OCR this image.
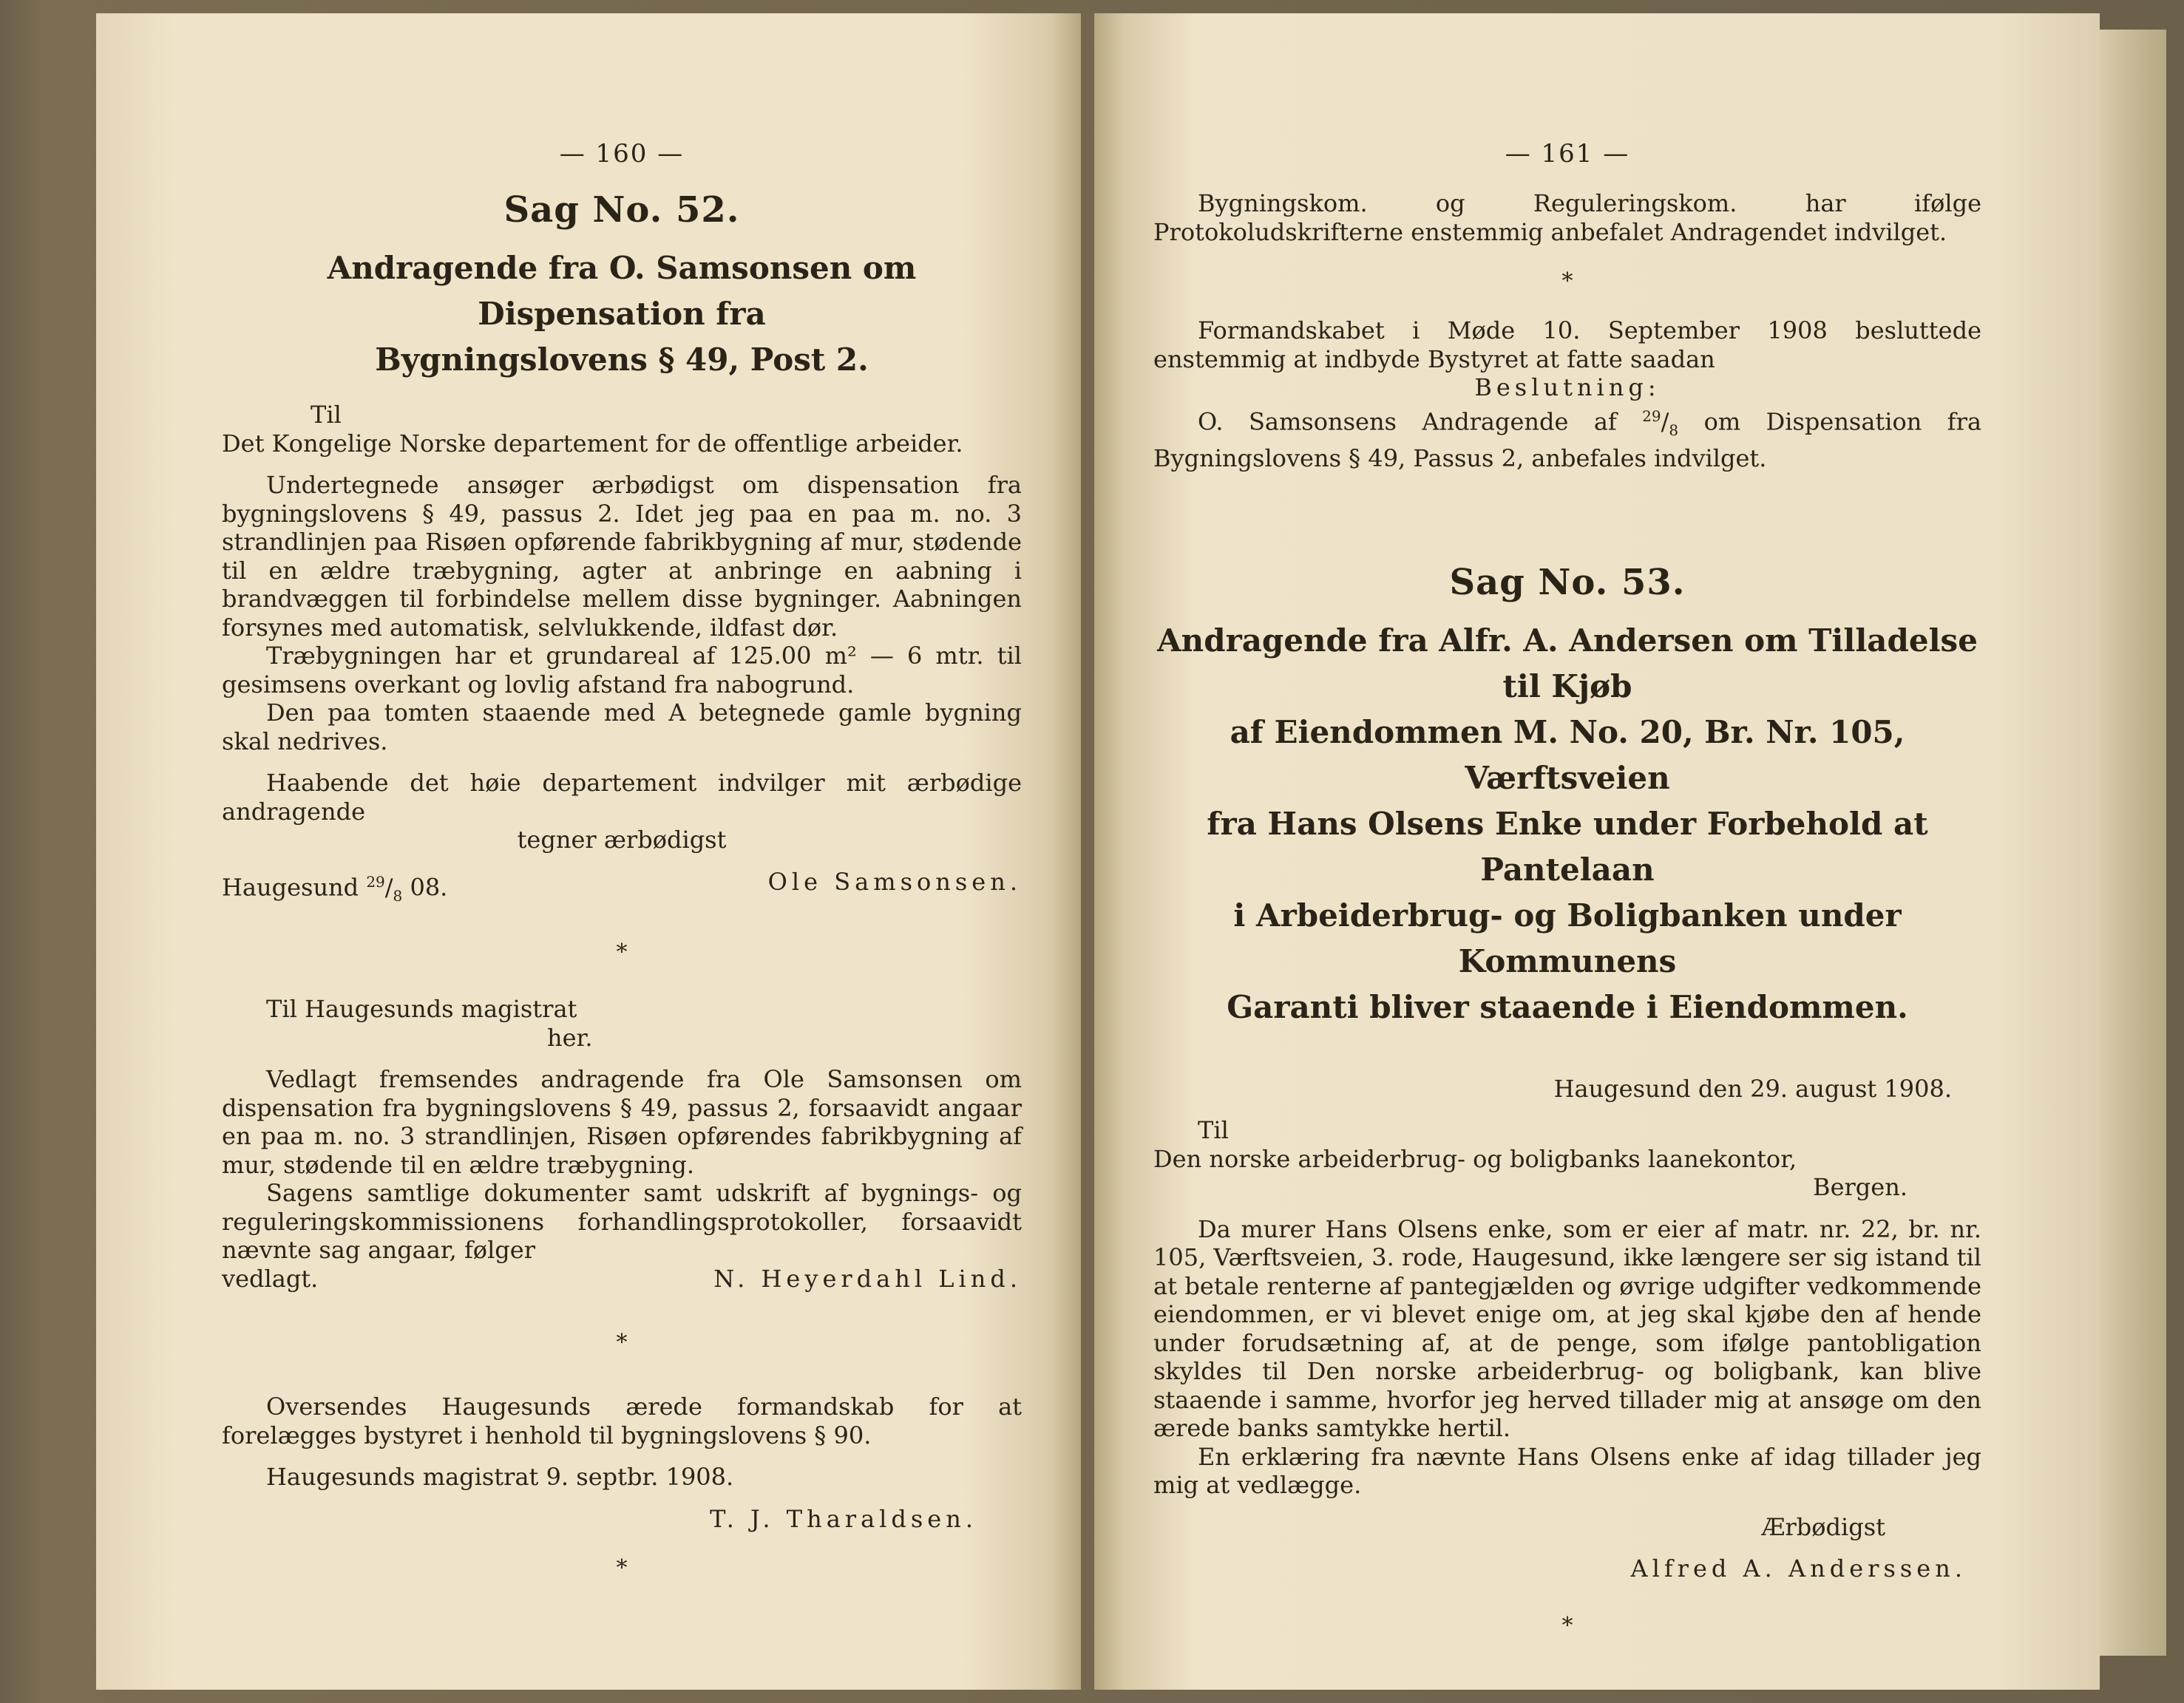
— 160 —
Sag No. 52.
Andragende fra O. Samsonsen om Dispensation fra
Bygningslovens § 49, Post 2.
Til
Det Kongelige Norske departement for de offentlige arbeider.
Undertegnede ansøger ærbødigst om dispensation fra bygningslovens § 49, passus 2. Idet jeg paa en paa m. no. 3 strandlinjen paa Risøen opførende fabrikbygning af mur, stødende til en ældre træbygning, agter at anbringe en aabning i brandvæggen til forbindelse mellem disse bygninger. Aabningen forsynes med automatisk, selvlukkende, ildfast dør.
Træbygningen har et grundareal af 125.00 m² — 6 mtr. til gesimsens overkant og lovlig afstand fra nabogrund.
Den paa tomten staaende med A betegnede gamle bygning skal nedrives.
Haabende det høie departement indvilger mit ærbødige andragende
tegner ærbødigst
Haugesund $^{29}/_8$ 08.	Ole Samsonsen.
*
Til Haugesunds magistrat
her.
Vedlagt fremsendes andragende fra Ole Samsonsen om dispensation fra bygningslovens § 49, passus 2, forsaavidt angaar en paa m. no. 3 strandlinjen, Risøen opførendes fabrikbygning af mur, stødende til en ældre træbygning.
Sagens samtlige dokumenter samt udskrift af bygnings- og reguleringskommissionens forhandlingsprotokoller, forsaavidt nævnte sag angaar, følger
vedlagt.	N. Heyerdahl Lind.
*
Oversendes Haugesunds ærede formandskab for at forelægges bystyret i henhold til bygningslovens § 90.
Haugesunds magistrat 9. septbr. 1908.
T. J. Tharaldsen.
*
— 161 —
Bygningskom. og Reguleringskom. har ifølge Protokoludskrifterne enstemmig anbefalet Andragendet indvilget.
*
Formandskabet i Møde 10. September 1908 besluttede enstemmig at indbyde Bystyret at fatte saadan
Beslutning:
O. Samsonsens Andragende af $^{29}/_8$ om Dispensation fra Bygningslovens § 49, Passus 2, anbefales indvilget.
Sag No. 53.
Andragende fra Alfr. A. Andersen om Tilladelse til Kjøb
af Eiendommen M. No. 20, Br. Nr. 105, Værftsveien
fra Hans Olsens Enke under Forbehold at Pantelaan
i Arbeiderbrug- og Boligbanken under Kommunens
Garanti bliver staaende i Eiendommen.
Haugesund den 29. august 1908.
Til
Den norske arbeiderbrug- og boligbanks laanekontor,
Bergen.
Da murer Hans Olsens enke, som er eier af matr. nr. 22, br. nr. 105, Værftsveien, 3. rode, Haugesund, ikke længere ser sig istand til at betale renterne af pantegjælden og øvrige udgifter vedkommende eiendommen, er vi blevet enige om, at jeg skal kjøbe den af hende under forudsætning af, at de penge, som ifølge pantobligation skyldes til Den norske arbeiderbrug- og boligbank, kan blive staaende i samme, hvorfor jeg herved tillader mig at ansøge om den ærede banks samtykke hertil.
En erklæring fra nævnte Hans Olsens enke af idag tillader jeg mig at vedlægge.
Ærbødigst
Alfred A. Anderssen.
*
